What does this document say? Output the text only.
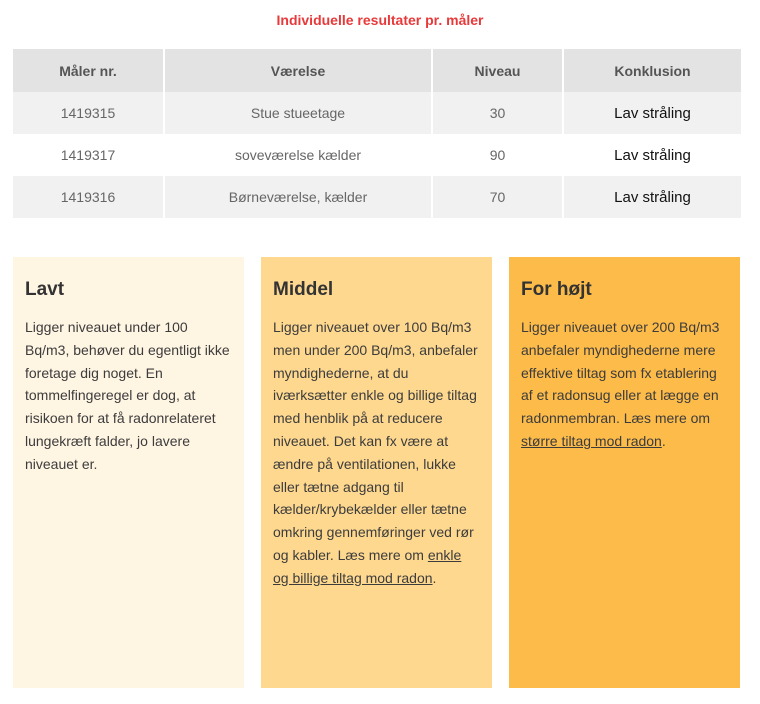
Individuelle resultater pr. måler
Måler nr.	Værelse	Niveau	Konklusion
1419315	Stue stueetage	30	Lav stråling
1419317	soveværelse kælder	90	Lav stråling
1419316	Børneværelse, kælder	70	Lav stråling
Lavt

Ligger niveauet under 100 Bq/m3, behøver du egentligt ikke foretage dig noget. En tommelfingeregel er dog, at risikoen for at få radonrelateret lungekræft falder, jo lavere niveauet er.

Middel

Ligger niveauet over 100 Bq/m3 men under 200 Bq/m3, anbefaler myndighederne, at du iværksætter enkle og billige tiltag med henblik på at reducere niveauet. Det kan fx være at ændre på ventilationen, lukke eller tætne adgang til kælder/krybekælder eller tætne omkring gennemføringer ved rør og kabler. Læs mere om enkle og billige tiltag mod radon.

For højt

Ligger niveauet over 200 Bq/m3 anbefaler myndighederne mere effektive tiltag som fx etablering af et radonsug eller at lægge en radonmembran. Læs mere om større tiltag mod radon.
